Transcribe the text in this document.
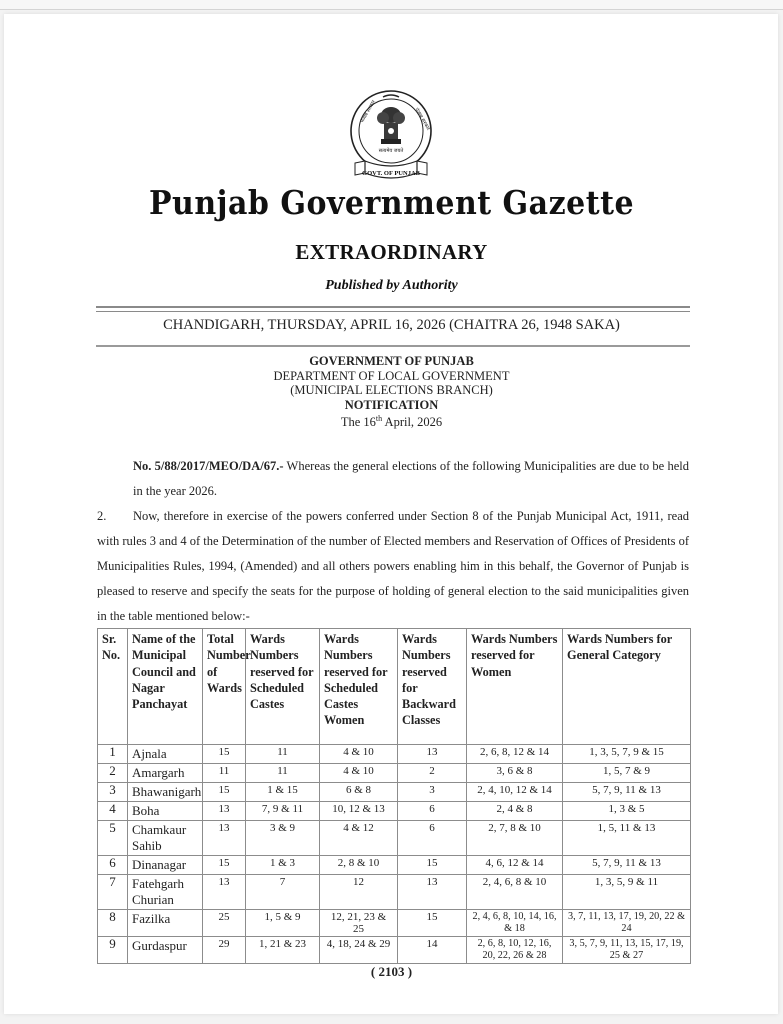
सत्यमेव जयते
GOVT. OF PUNJAB
पंजाब सरकार	पंजाब सरकार
Punjab Government Gazette
EXTRAORDINARY
Published by Authority
CHANDIGARH, THURSDAY, APRIL 16, 2026 (CHAITRA 26, 1948 SAKA)
GOVERNMENT OF PUNJAB
DEPARTMENT OF LOCAL GOVERNMENT
(MUNICIPAL ELECTIONS BRANCH)
NOTIFICATION
The 16th April, 2026

No. 5/88/2017/MEO/DA/67.- Whereas the general elections of the following Municipalities are due to be held in the year 2026.

2. Now, therefore in exercise of the powers conferred under Section 8 of the Punjab Municipal Act, 1911, read with rules 3 and 4 of the Determination of the number of Elected members and Reservation of Offices of Presidents of Municipalities Rules, 1994, (Amended) and all others powers enabling him in this behalf, the Governor of Punjab is pleased to reserve and specify the seats for the purpose of holding of general election to the said municipalities given in the table mentioned below:-

Sr. No.	Name of the Municipal Council and Nagar Panchayat	Total Number of Wards	Wards Numbers reserved for Scheduled Castes	Wards Numbers reserved for Scheduled Castes Women	Wards Numbers reserved for Backward Classes	Wards Numbers reserved for Women	Wards Numbers for General Category
1	Ajnala	15	11	4 & 10	13	2, 6, 8, 12 & 14	1, 3, 5, 7, 9 & 15
2	Amargarh	11	11	4 & 10	2	3, 6 & 8	1, 5, 7 & 9
3	Bhawanigarh	15	1 & 15	6 & 8	3	2, 4, 10, 12 & 14	5, 7, 9, 11 & 13
4	Boha	13	7, 9 & 11	10, 12 & 13	6	2, 4 & 8	1, 3 & 5
5	Chamkaur Sahib	13	3 & 9	4 & 12	6	2, 7, 8 & 10	1, 5, 11 & 13
6	Dinanagar	15	1 & 3	2, 8 & 10	15	4, 6, 12 & 14	5, 7, 9, 11 & 13
7	Fatehgarh Churian	13	7	12	13	2, 4, 6, 8 & 10	1, 3, 5, 9 & 11
8	Fazilka	25	1, 5 & 9	12, 21, 23 & 25	15	2, 4, 6, 8, 10, 14, 16, & 18	3, 7, 11, 13, 17, 19, 20, 22 & 24
9	Gurdaspur	29	1, 21 & 23	4, 18, 24 & 29	14	2, 6, 8, 10, 12, 16, 20, 22, 26 & 28	3, 5, 7, 9, 11, 13, 15, 17, 19, 25 & 27
( 2103 )
